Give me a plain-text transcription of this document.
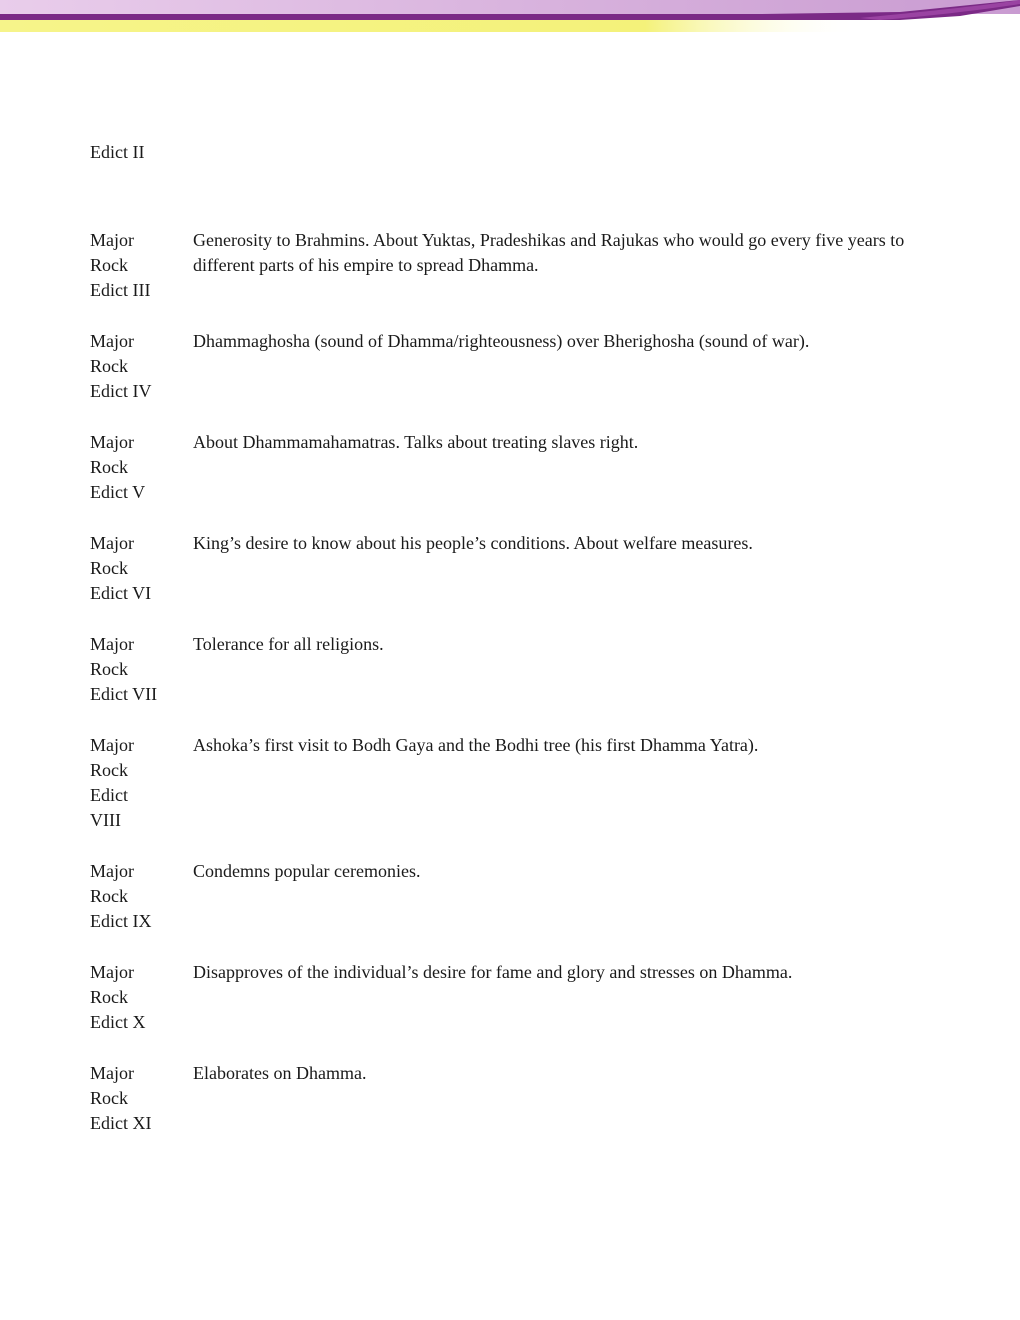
Edict II
Major
Rock
Edict III
Generosity to Brahmins. About Yuktas, Pradeshikas and Rajukas who would go every five years to different parts of his empire to spread Dhamma.
Major
Rock
Edict IV
Dhammaghosha (sound of Dhamma/righteousness) over Bherighosha (sound of war).
Major
Rock
Edict V
About Dhammamahamatras. Talks about treating slaves right.
Major
Rock
Edict VI
King’s desire to know about his people’s conditions. About welfare measures.
Major
Rock
Edict VII
Tolerance for all religions.
Major
Rock
Edict
VIII
Ashoka’s first visit to Bodh Gaya and the Bodhi tree (his first Dhamma Yatra).
Major
Rock
Edict IX
Condemns popular ceremonies.
Major
Rock
Edict X
Disapproves of the individual’s desire for fame and glory and stresses on Dhamma.
Major
Rock
Edict XI
Elaborates on Dhamma.
